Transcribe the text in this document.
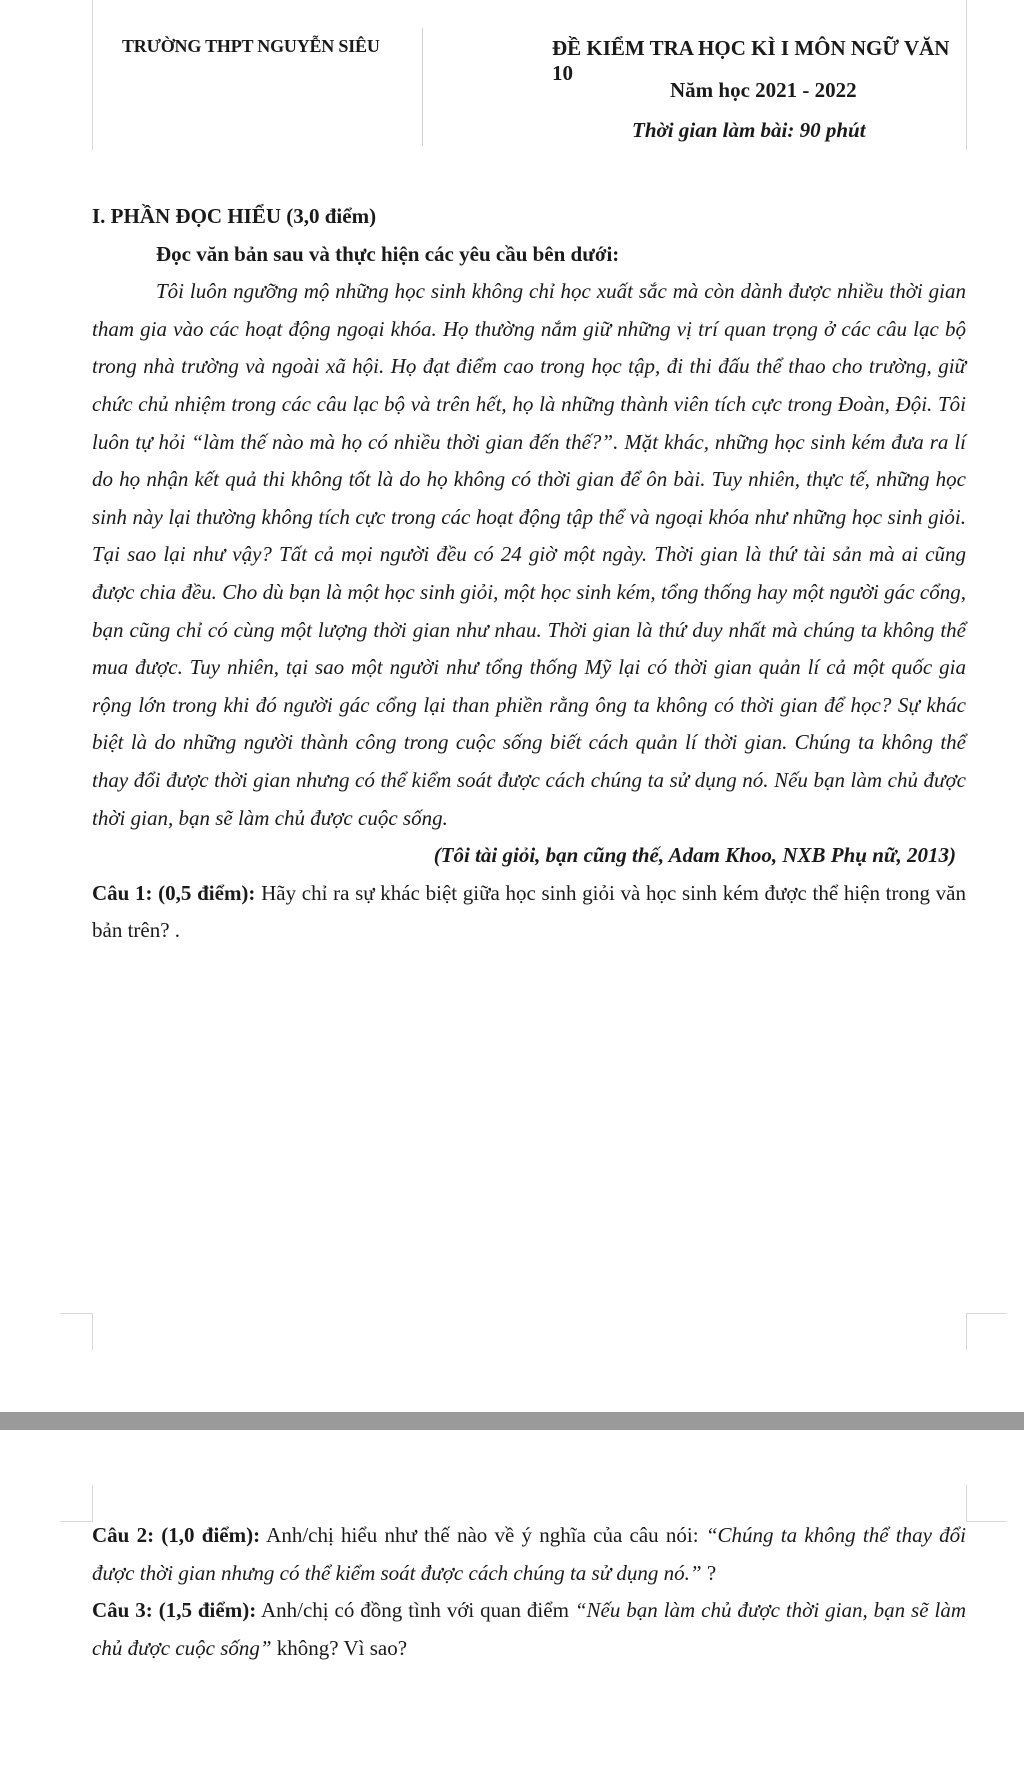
TRƯỜNG THPT NGUYỄN SIÊU	ĐỀ KIỂM TRA HỌC KÌ I MÔN NGỮ VĂN 10
Năm học 2021 - 2022
Thời gian làm bài: 90 phút
I. PHẦN ĐỌC HIỂU (3,0 điểm)
Đọc văn bản sau và thực hiện các yêu cầu bên dưới:

Tôi luôn ngưỡng mộ những học sinh không chỉ học xuất sắc mà còn dành được nhiều thời gian tham gia vào các hoạt động ngoại khóa. Họ thường nắm giữ những vị trí quan trọng ở các câu lạc bộ trong nhà trường và ngoài xã hội. Họ đạt điểm cao trong học tập, đi thi đấu thể thao cho trường, giữ chức chủ nhiệm trong các câu lạc bộ và trên hết, họ là những thành viên tích cực trong Đoàn, Đội. Tôi luôn tự hỏi “làm thế nào mà họ có nhiều thời gian đến thế?”. Mặt khác, những học sinh kém đưa ra lí do họ nhận kết quả thi không tốt là do họ không có thời gian để ôn bài. Tuy nhiên, thực tế, những học sinh này lại thường không tích cực trong các hoạt động tập thể và ngoại khóa như những học sinh giỏi. Tại sao lại như vậy? Tất cả mọi người đều có 24 giờ một ngày. Thời gian là thứ tài sản mà ai cũng được chia đều. Cho dù bạn là một học sinh giỏi, một học sinh kém, tổng thống hay một người gác cổng, bạn cũng chỉ có cùng một lượng thời gian như nhau. Thời gian là thứ duy nhất mà chúng ta không thể mua được. Tuy nhiên, tại sao một người như tổng thống Mỹ lại có thời gian quản lí cả một quốc gia rộng lớn trong khi đó người gác cổng lại than phiền rằng ông ta không có thời gian để học? Sự khác biệt là do những người thành công trong cuộc sống biết cách quản lí thời gian. Chúng ta không thể thay đổi được thời gian nhưng có thể kiểm soát được cách chúng ta sử dụng nó. Nếu bạn làm chủ được thời gian, bạn sẽ làm chủ được cuộc sống.

(Tôi tài giỏi, bạn cũng thế, Adam Khoo, NXB Phụ nữ, 2013)

Câu 1: (0,5 điểm): Hãy chỉ ra sự khác biệt giữa học sinh giỏi và học sinh kém được thể hiện trong văn bản trên? .

Câu 2: (1,0 điểm): Anh/chị hiểu như thế nào về ý nghĩa của câu nói: “Chúng ta không thể thay đổi được thời gian nhưng có thể kiểm soát được cách chúng ta sử dụng nó.” ?

Câu 3: (1,5 điểm): Anh/chị có đồng tình với quan điểm “Nếu bạn làm chủ được thời gian, bạn sẽ làm chủ được cuộc sống” không? Vì sao?
